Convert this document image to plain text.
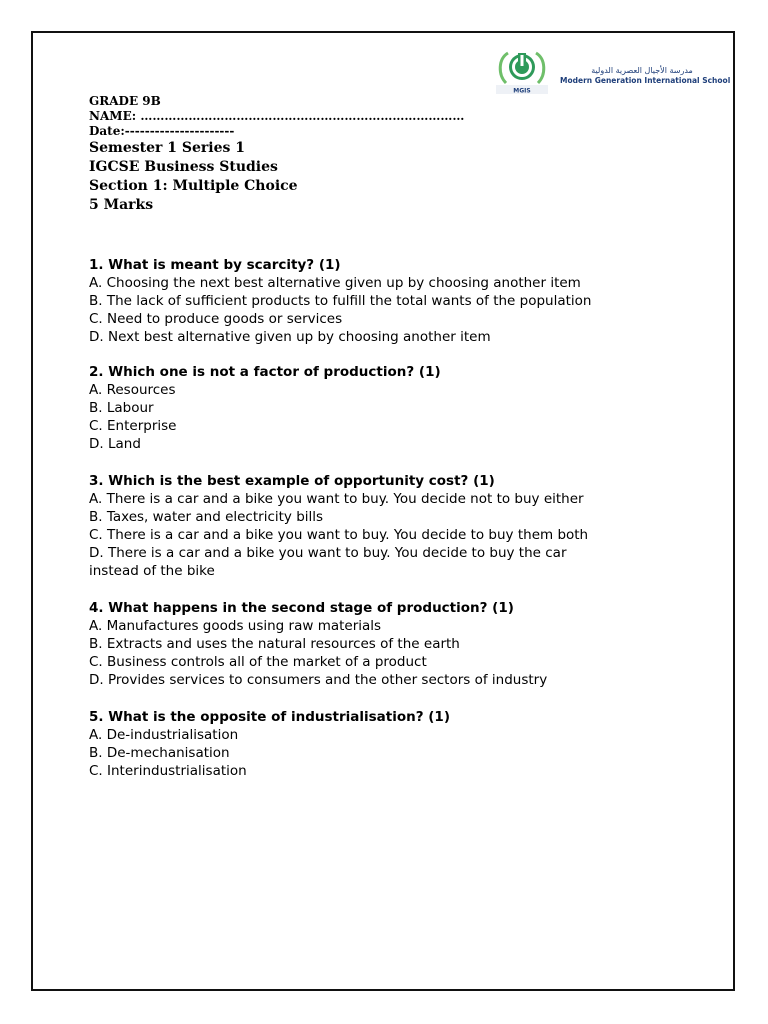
MGIS
مدرسة الأجيال العصرية الدولية
Modern Generation International School
GRADE 9B
NAME: ………………………………………………………………………
Date:----------------------
Semester 1 Series 1
IGCSE Business Studies
Section 1: Multiple Choice
5 Marks
1. What is meant by scarcity? (1)
A. Choosing the next best alternative given up by choosing another item
B. The lack of sufficient products to fulfill the total wants of the population
C. Need to produce goods or services
D. Next best alternative given up by choosing another item
2. Which one is not a factor of production? (1)
A. Resources
B. Labour
C. Enterprise
D. Land
3. Which is the best example of opportunity cost? (1)
A. There is a car and a bike you want to buy. You decide not to buy either
B. Taxes, water and electricity bills
C. There is a car and a bike you want to buy. You decide to buy them both
D. There is a car and a bike you want to buy. You decide to buy the car
instead of the bike
4. What happens in the second stage of production? (1)
A. Manufactures goods using raw materials
B. Extracts and uses the natural resources of the earth
C. Business controls all of the market of a product
D. Provides services to consumers and the other sectors of industry
5. What is the opposite of industrialisation? (1)
A. De-industrialisation
B. De-mechanisation
C. Interindustrialisation
